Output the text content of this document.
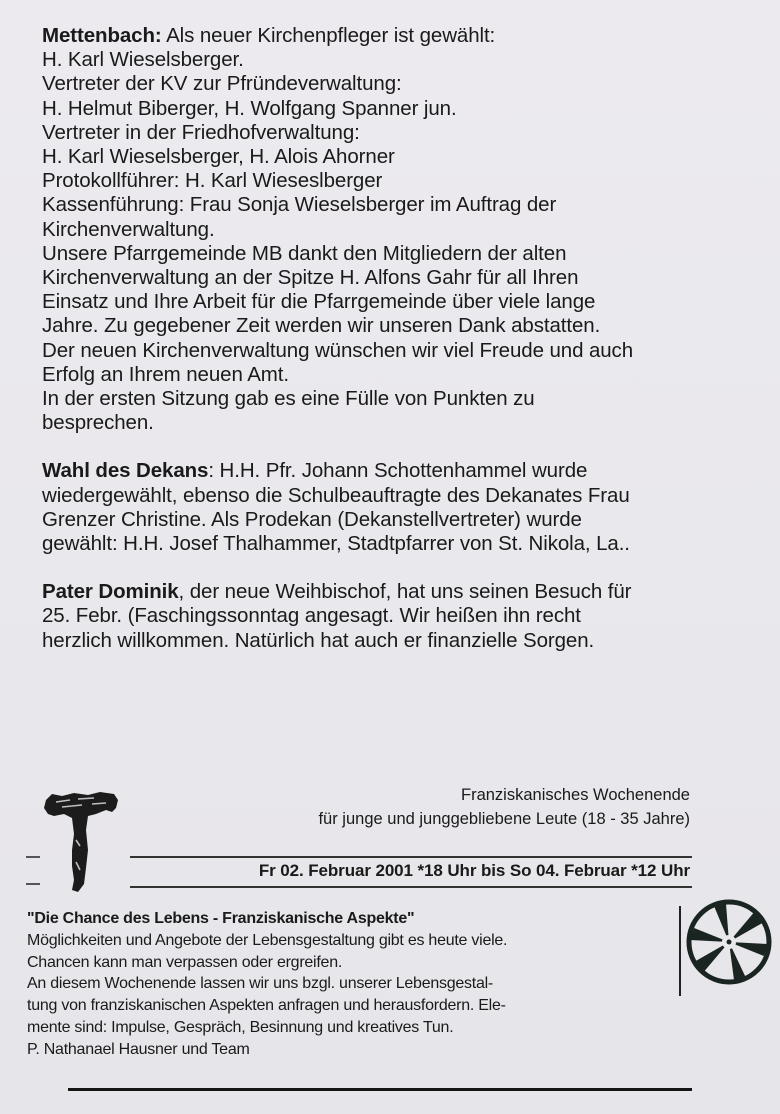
Mettenbach: Als neuer Kirchenpfleger ist gewählt:
H. Karl Wieselsberger.
Vertreter der KV zur Pfründeverwaltung:
H. Helmut Biberger, H. Wolfgang Spanner jun.
Vertreter in der Friedhofverwaltung:
H. Karl Wieselsberger, H. Alois Ahorner
Protokollführer: H. Karl Wieseslberger
Kassenführung: Frau Sonja Wieselsberger im Auftrag der
Kirchenverwaltung.
Unsere Pfarrgemeinde MB dankt den Mitgliedern der alten
Kirchenverwaltung an der Spitze H. Alfons Gahr für all Ihren
Einsatz und Ihre Arbeit für die Pfarrgemeinde über viele lange
Jahre. Zu gegebener Zeit werden wir unseren Dank abstatten.
Der neuen Kirchenverwaltung wünschen wir viel Freude und auch
Erfolg an Ihrem neuen Amt.
In der ersten Sitzung gab es eine Fülle von Punkten zu
besprechen.
Wahl des Dekans: H.H. Pfr. Johann Schottenhammel wurde
wiedergewählt, ebenso die Schulbeauftragte des Dekanates Frau
Grenzer Christine. Als Prodekan (Dekanstellvertreter) wurde
gewählt: H.H. Josef Thalhammer, Stadtpfarrer von St. Nikola, La..
Pater Dominik, der neue Weihbischof, hat uns seinen Besuch für
25. Febr. (Faschingssonntag angesagt. Wir heißen ihn recht
herzlich willkommen. Natürlich hat auch er finanzielle Sorgen.
Franziskanisches Wochenende
für junge und junggebliebene Leute (18 - 35 Jahre)
Fr 02. Februar 2001 *18 Uhr bis So 04. Februar *12 Uhr
"Die Chance des Lebens - Franziskanische Aspekte"
Möglichkeiten und Angebote der Lebensgestaltung gibt es heute viele.
Chancen kann man verpassen oder ergreifen.
An diesem Wochenende lassen wir uns bzgl. unserer Lebensgestal-
tung von franziskanischen Aspekten anfragen und herausfordern. Ele-
mente sind: Impulse, Gespräch, Besinnung und kreatives Tun.
P. Nathanael Hausner und Team
